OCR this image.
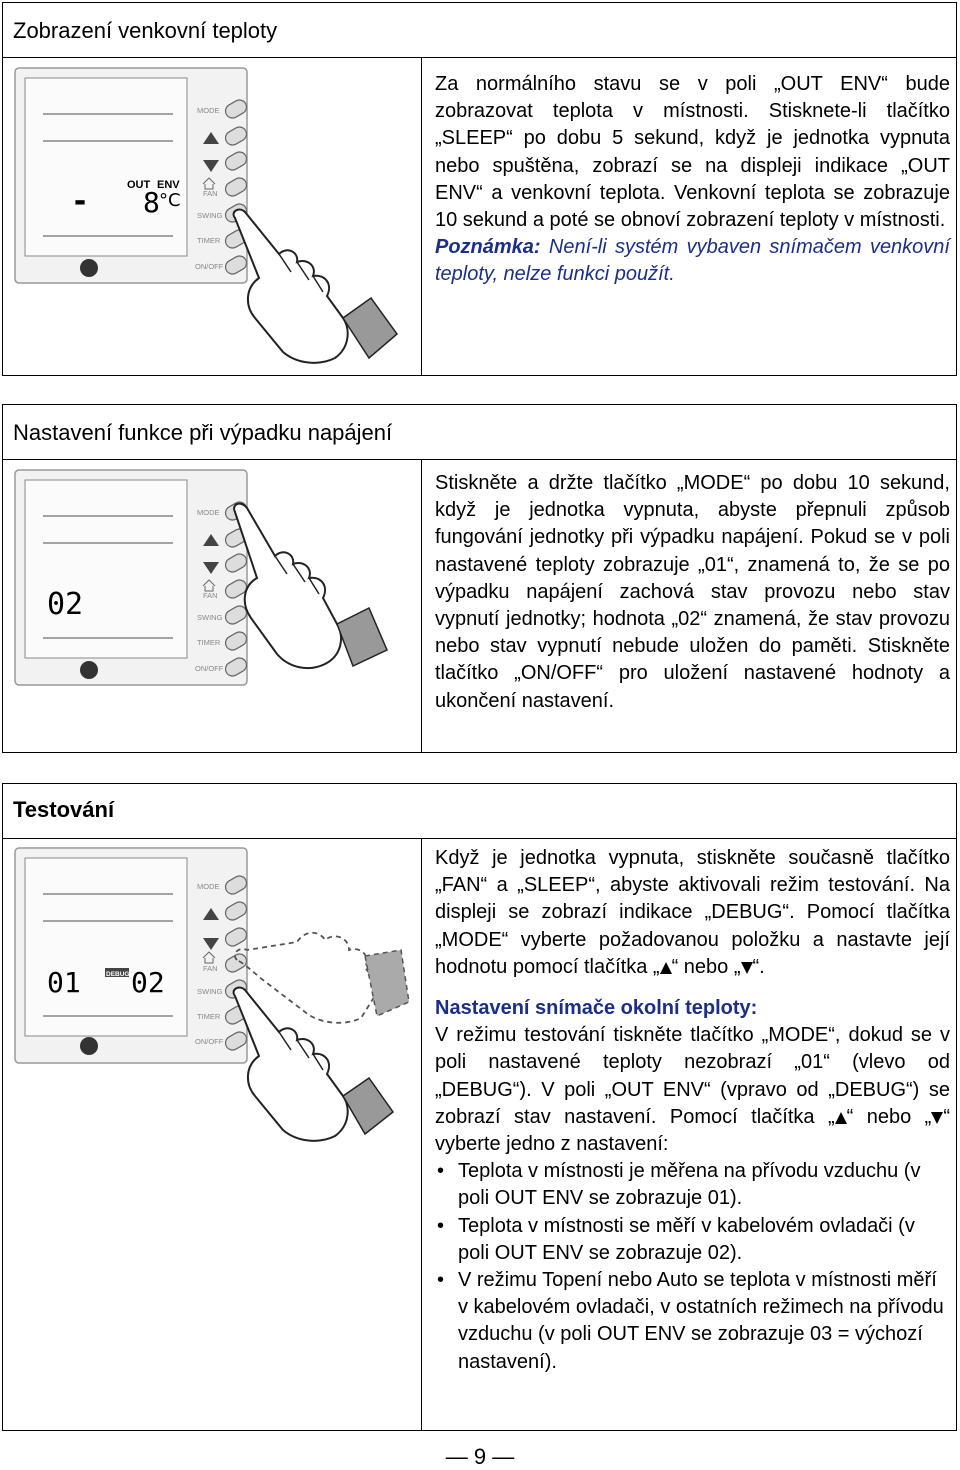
Zobrazení venkovní teploty
-	OUT ENV
8 °C
MODE
FAN
SWING
TIMER
ON/OFF

Za normálního stavu se v poli „OUT ENV“ bude zobrazovat teplota v místnosti. Stisknete-li tlačítko „SLEEP“ po dobu 5 sekund, když je jednotka vypnuta nebo spuštěna, zobrazí se na displeji indikace „OUT ENV“ a venkovní teplota. Venkovní teplota se zobrazuje 10 sekund a poté se obnoví zobrazení teploty v místnosti.

Poznámka: Není-li systém vybaven snímačem venkovní teploty, nelze funkci použít.

Nastavení funkce při výpadku napájení
02
MODE
FAN
SWING
TIMER
ON/OFF

Stiskněte a držte tlačítko „MODE“ po dobu 10 sekund, když je jednotka vypnuta, abyste přepnuli způsob fungování jednotky při výpadku napájení. Pokud se v poli nastavené teploty zobrazuje „01“, znamená to, že se po výpadku napájení zachová stav provozu nebo stav vypnutí jednotky; hodnota „02“ znamená, že stav provozu nebo stav vypnutí nebude uložen do paměti. Stiskněte tlačítko „ON/OFF“ pro uložení nastavené hodnoty a ukončení nastavení.

Testování
01	DEBUG 02
MODE
FAN
SWING
TIMER
ON/OFF

Když je jednotka vypnuta, stiskněte současně tlačítko „FAN“ a „SLEEP“, abyste aktivovali režim testování. Na displeji se zobrazí indikace „DEBUG“. Pomocí tlačítka „MODE“ vyberte požadovanou položku a nastavte její hodnotu pomocí tlačítka „ “ nebo „ “.

Nastavení snímače okolní teploty:

V režimu testování tiskněte tlačítko „MODE“, dokud se v poli nastavené teploty nezobrazí „01“ (vlevo od „DEBUG“). V poli „OUT ENV“ (vpravo od „DEBUG“) se zobrazí stav nastavení. Pomocí tlačítka „ “ nebo „ “ vyberte jedno z nastavení:

• Teplota v místnosti je měřena na přívodu vzduchu (v poli OUT ENV se zobrazuje 01).
• Teplota v místnosti se měří v kabelovém ovladači (v poli OUT ENV se zobrazuje 02).
• V režimu Topení nebo Auto se teplota v místnosti měří v kabelovém ovladači, v ostatních režimech na přívodu vzduchu (v poli OUT ENV se zobrazuje 03 = výchozí nastavení).
— 9 —
